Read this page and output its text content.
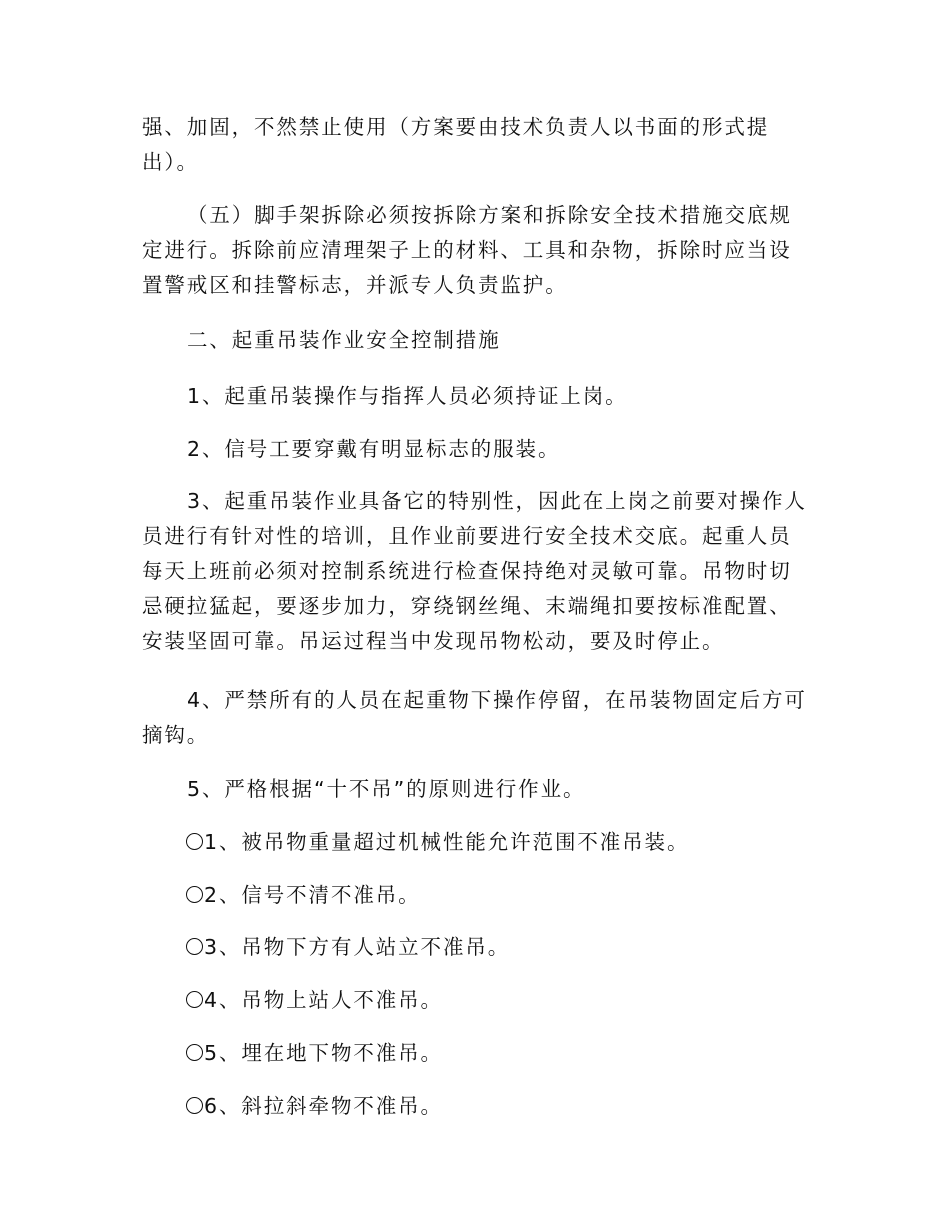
强、加固，不然禁止使用（方案要由技术负责人以书面的形式提出）。

（五）脚手架拆除必须按拆除方案和拆除安全技术措施交底规定进行。拆除前应清理架子上的材料、工具和杂物，拆除时应当设置警戒区和挂警标志，并派专人负责监护。

二、起重吊装作业安全控制措施

1、起重吊装操作与指挥人员必须持证上岗。

2、信号工要穿戴有明显标志的服装。

3、起重吊装作业具备它的特别性，因此在上岗之前要对操作人员进行有针对性的培训，且作业前要进行安全技术交底。起重人员每天上班前必须对控制系统进行检查保持绝对灵敏可靠。吊物时切忌硬拉猛起，要逐步加力，穿绕钢丝绳、末端绳扣要按标准配置、安装坚固可靠。吊运过程当中发现吊物松动，要及时停止。

4、严禁所有的人员在起重物下操作停留，在吊装物固定后方可摘钩。

5、严格根据“十不吊”的原则进行作业。

1、被吊物重量超过机械性能允许范围不准吊装。

2、信号不清不准吊。

3、吊物下方有人站立不准吊。

4、吊物上站人不准吊。

5、埋在地下物不准吊。

6、斜拉斜牵物不准吊。
